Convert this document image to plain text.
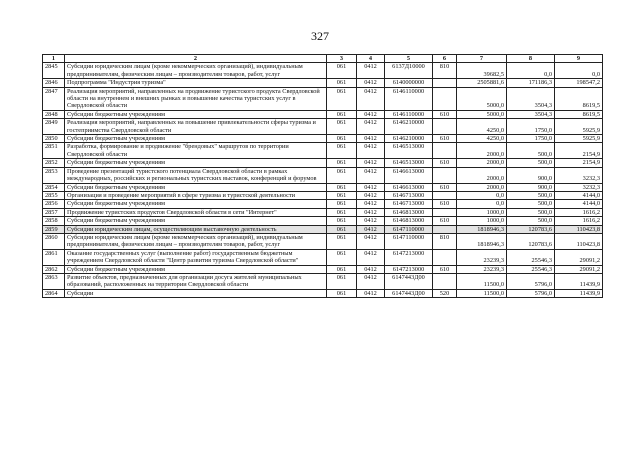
327
1	2	3	4	5	6	7	8	9
2845	Субсидии юридическим лицам (кроме некоммерческих организаций), индивидуальным предпринимателям, физическим лицам – производителям товаров, работ, услуг	061	0412	6137Д10000	810	39682,5	0,0	0,0
2846	Подпрограмма "Индустрия туризма"	061	0412	6140000000		2505881,6	171186,3	198547,2
2847	Реализация мероприятий, направленных на продвижение туристского продукта Свердловской области на внутреннем и внешних рынках и повышение качества туристских услуг в Свердловской области	061	0412	6146110000		5000,0	3504,3	8619,5
2848	Субсидии бюджетным учреждениям	061	0412	6146110000	610	5000,0	3504,3	8619,5
2849	Реализация мероприятий, направленных на повышение привлекательности сферы туризма и гостеприимства Свердловской области	061	0412	6146210000		4250,0	1750,0	5925,9
2850	Субсидии бюджетным учреждениям	061	0412	6146210000	610	4250,0	1750,0	5925,9
2851	Разработка, формирование и продвижение "брендовых" маршрутов по территории Свердловской области	061	0412	6146513000		2000,0	500,0	2154,9
2852	Субсидии бюджетным учреждениям	061	0412	6146513000	610	2000,0	500,0	2154,9
2853	Проведение презентаций туристского потенциала Свердловской области в рамках международных, российских и региональных туристских выставок, конференций и форумов	061	0412	6146613000		2000,0	900,0	3232,3
2854	Субсидии бюджетным учреждениям	061	0412	6146613000	610	2000,0	900,0	3232,3
2855	Организация и проведение мероприятий в сфере туризма и туристской деятельности	061	0412	6146713000		0,0	500,0	4144,0
2856	Субсидии бюджетным учреждениям	061	0412	6146713000	610	0,0	500,0	4144,0
2857	Продвижение туристских продуктов Свердловской области в сети "Интернет"	061	0412	6146813000		1000,0	500,0	1616,2
2858	Субсидии бюджетным учреждениям	061	0412	6146813000	610	1000,0	500,0	1616,2
2859	Субсидии юридическим лицам, осуществляющим выставочную деятельность	061	0412	6147110000		1818946,3	120783,6	110423,8
2860	Субсидии юридическим лицам (кроме некоммерческих организаций), индивидуальным предпринимателям, физическим лицам – производителям товаров, работ, услуг	061	0412	6147110000	810	1818946,3	120783,6	110423,8
2861	Оказание государственных услуг (выполнение работ) государственным бюджетным учреждением Свердловской области "Центр развития туризма Свердловской области"	061	0412	6147213000		23239,3	25546,3	29091,2
2862	Субсидии бюджетным учреждениям	061	0412	6147213000	610	23239,3	25546,3	29091,2
2863	Развитие объектов, предназначенных для организации досуга жителей муниципальных образований, расположенных на территории Свердловской области	061	0412	6147443Д00		11500,0	5796,0	11439,9
2864	Субсидии	061	0412	6147443Д00	520	11500,0	5796,0	11439,9
